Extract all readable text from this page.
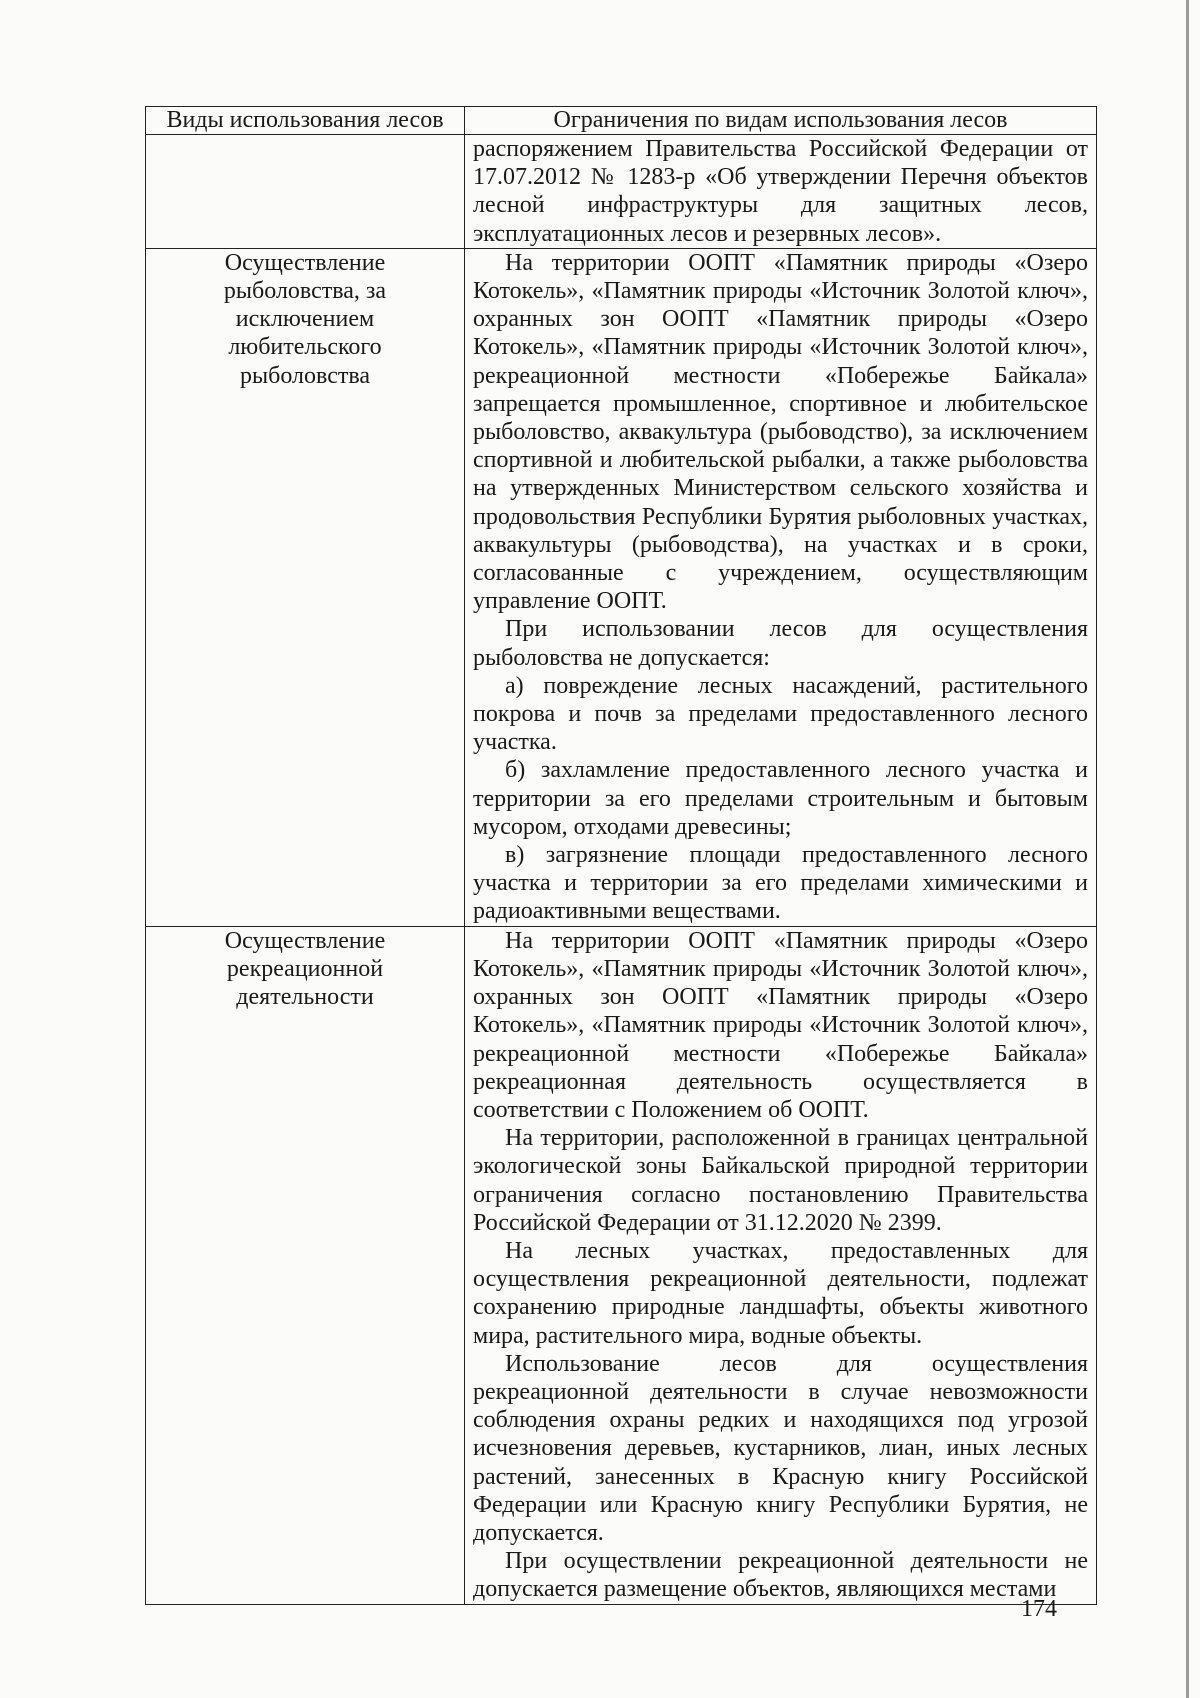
Виды использования лесов	Ограничения по видам использования лесов

	распоряжением Правительства Российской Федерации от 17.07.2012 № 1283-р «Об утверждении Перечня объектов лесной инфраструктуры для защитных лесов, эксплуатационных лесов и резервных лесов».

Осуществление рыболовства, за исключением любительского рыболовства	На территории ООПТ «Памятник природы «Озеро Котокель», «Памятник природы «Источник Золотой ключ», охранных зон ООПТ «Памятник природы «Озеро Котокель», «Памятник природы «Источник Золотой ключ», рекреационной местности «Побережье Байкала» запрещается промышленное, спортивное и любительское рыболовство, аквакультура (рыбоводство), за исключением спортивной и любительской рыбалки, а также рыболовства на утвержденных Министерством сельского хозяйства и продовольствия Республики Бурятия рыболовных участках, аквакультуры (рыбоводства), на участках и в сроки, согласованные с учреждением, осуществляющим управление ООПТ.

При использовании лесов для осуществления рыболовства не допускается:

а) повреждение лесных насаждений, растительного покрова и почв за пределами предоставленного лесного участка.

б) захламление предоставленного лесного участка и территории за его пределами строительным и бытовым мусором, отходами древесины;

в) загрязнение площади предоставленного лесного участка и территории за его пределами химическими и радиоактивными веществами.

Осуществление рекреационной деятельности	На территории ООПТ «Памятник природы «Озеро Котокель», «Памятник природы «Источник Золотой ключ», охранных зон ООПТ «Памятник природы «Озеро Котокель», «Памятник природы «Источник Золотой ключ», рекреационной местности «Побережье Байкала» рекреационная деятельность осуществляется в соответствии с Положением об ООПТ.

На территории, расположенной в границах центральной экологической зоны Байкальской природной территории ограничения согласно постановлению Правительства Российской Федерации от 31.12.2020 № 2399.

На лесных участках, предоставленных для осуществления рекреационной деятельности, подлежат сохранению природные ландшафты, объекты животного мира, растительного мира, водные объекты.

Использование лесов для осуществления рекреационной деятельности в случае невозможности соблюдения охраны редких и находящихся под угрозой исчезновения деревьев, кустарников, лиан, иных лесных растений, занесенных в Красную книгу Российской Федерации или Красную книгу Республики Бурятия, не допускается.

При осуществлении рекреационной деятельности не допускается размещение объектов, являющихся местами

174
